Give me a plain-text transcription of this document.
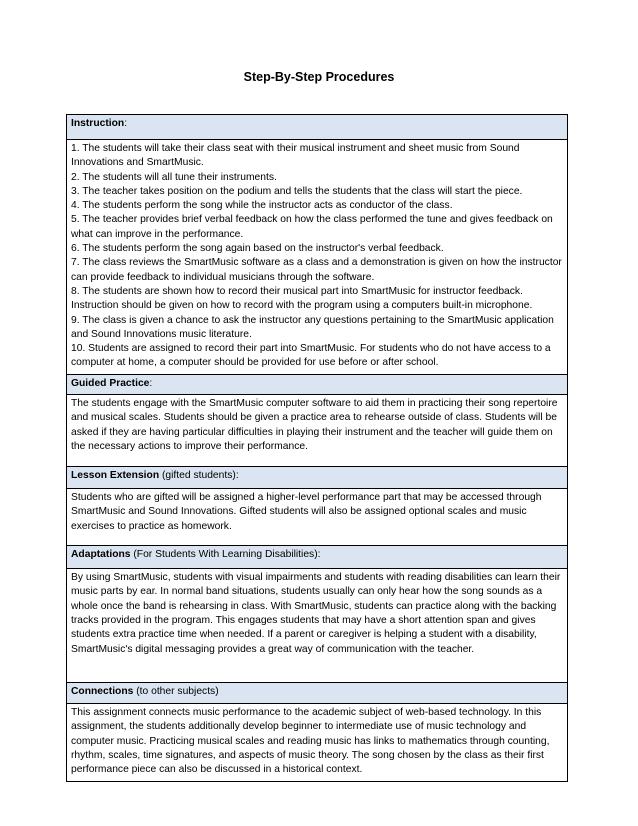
Step-By-Step Procedures
Instruction:

1. The students will take their class seat with their musical instrument and sheet music from Sound Innovations and SmartMusic.
2. The students will all tune their instruments.
3. The teacher takes position on the podium and tells the students that the class will start the piece.
4. The students perform the song while the instructor acts as conductor of the class.
5. The teacher provides brief verbal feedback on how the class performed the tune and gives feedback on what can improve in the performance.
6. The students perform the song again based on the instructor's verbal feedback.
7. The class reviews the SmartMusic software as a class and a demonstration is given on how the instructor can provide feedback to individual musicians through the software.
8. The students are shown how to record their musical part into SmartMusic for instructor feedback. Instruction should be given on how to record with the program using a computers built-in microphone.
9. The class is given a chance to ask the instructor any questions pertaining to the SmartMusic application and Sound Innovations music literature.
10. Students are assigned to record their part into SmartMusic. For students who do not have access to a computer at home, a computer should be provided for use before or after school.

Guided Practice:
The students engage with the SmartMusic computer software to aid them in practicing their song repertoire and musical scales. Students should be given a practice area to rehearse outside of class. Students will be asked if they are having particular difficulties in playing their instrument and the teacher will guide them on the necessary actions to improve their performance.
Lesson Extension (gifted students):
Students who are gifted will be assigned a higher-level performance part that may be accessed through SmartMusic and Sound Innovations. Gifted students will also be assigned optional scales and music exercises to practice as homework.
Adaptations (For Students With Learning Disabilities):
By using SmartMusic, students with visual impairments and students with reading disabilities can learn their music parts by ear. In normal band situations, students usually can only hear how the song sounds as a whole once the band is rehearsing in class. With SmartMusic, students can practice along with the backing tracks provided in the program. This engages students that may have a short attention span and gives students extra practice time when needed. If a parent or caregiver is helping a student with a disability, SmartMusic's digital messaging provides a great way of communication with the teacher.
Connections (to other subjects)
This assignment connects music performance to the academic subject of web-based technology. In this assignment, the students additionally develop beginner to intermediate use of music technology and computer music. Practicing musical scales and reading music has links to mathematics through counting, rhythm, scales, time signatures, and aspects of music theory. The song chosen by the class as their first performance piece can also be discussed in a historical context.
